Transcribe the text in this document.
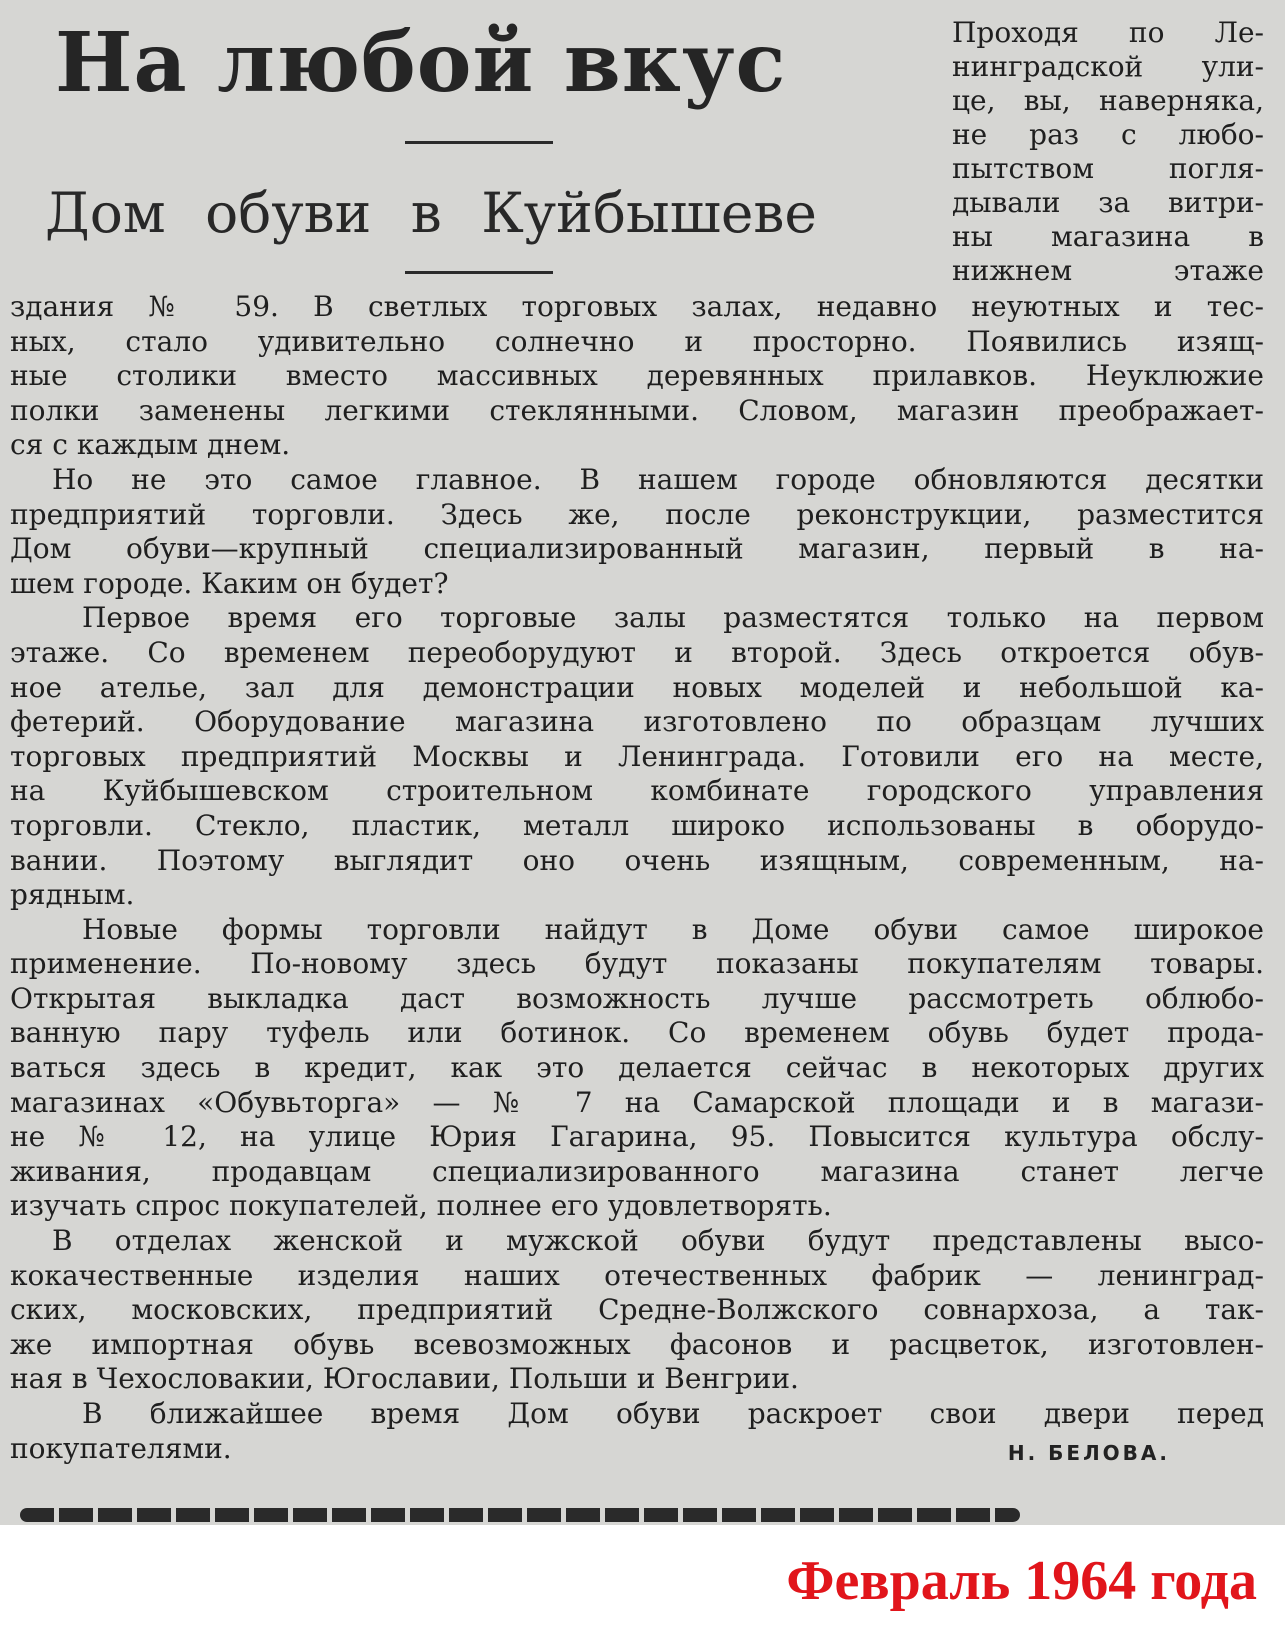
На любой вкус
Дом обуви в Куйбышеве
Проходя по Ле-
нинградской ули-
це, вы, наверняка,
не раз с любо-
пытством погля-
дывали за витри-
ны магазина в
нижнем этаже
здания № 59. В светлых торговых залах, недавно неуютных и тес-
ных, стало удивительно солнечно и просторно. Появились изящ-
ные столики вместо массивных деревянных прилавков. Неуклюжие
полки заменены легкими стеклянными. Словом, магазин преображает-
ся с каждым днем.
Но не это самое главное. В нашем городе обновляются десятки
предприятий торговли. Здесь же, после реконструкции, разместится
Дом обуви—крупный специализированный магазин, первый в на-
шем городе. Каким он будет?
Первое время его торговые залы разместятся только на первом
этаже. Со временем переоборудуют и второй. Здесь откроется обув-
ное ателье, зал для демонстрации новых моделей и небольшой ка-
фетерий. Оборудование магазина изготовлено по образцам лучших
торговых предприятий Москвы и Ленинграда. Готовили его на месте,
на Куйбышевском строительном комбинате городского управления
торговли. Стекло, пластик, металл широко использованы в оборудо-
вании. Поэтому выглядит оно очень изящным, современным, на-
рядным.
Новые формы торговли найдут в Доме обуви самое широкое
применение. По-новому здесь будут показаны покупателям товары.
Открытая выкладка даст возможность лучше рассмотреть облюбо-
ванную пару туфель или ботинок. Со временем обувь будет прода-
ваться здесь в кредит, как это делается сейчас в некоторых других
магазинах «Обувьторга» — № 7 на Самарской площади и в магази-
не № 12, на улице Юрия Гагарина, 95. Повысится культура обслу-
живания, продавцам специализированного магазина станет легче
изучать спрос покупателей, полнее его удовлетворять.
В отделах женской и мужской обуви будут представлены высо-
кокачественные изделия наших отечественных фабрик — ленинград-
ских, московских, предприятий Средне-Волжского совнархоза, а так-
же импортная обувь всевозможных фасонов и расцветок, изготовлен-
ная в Чехословакии, Югославии, Польши и Венгрии.
В ближайшее время Дом обуви раскроет свои двери перед
покупателями.	Н. БЕЛОВА.
Февраль 1964 года
